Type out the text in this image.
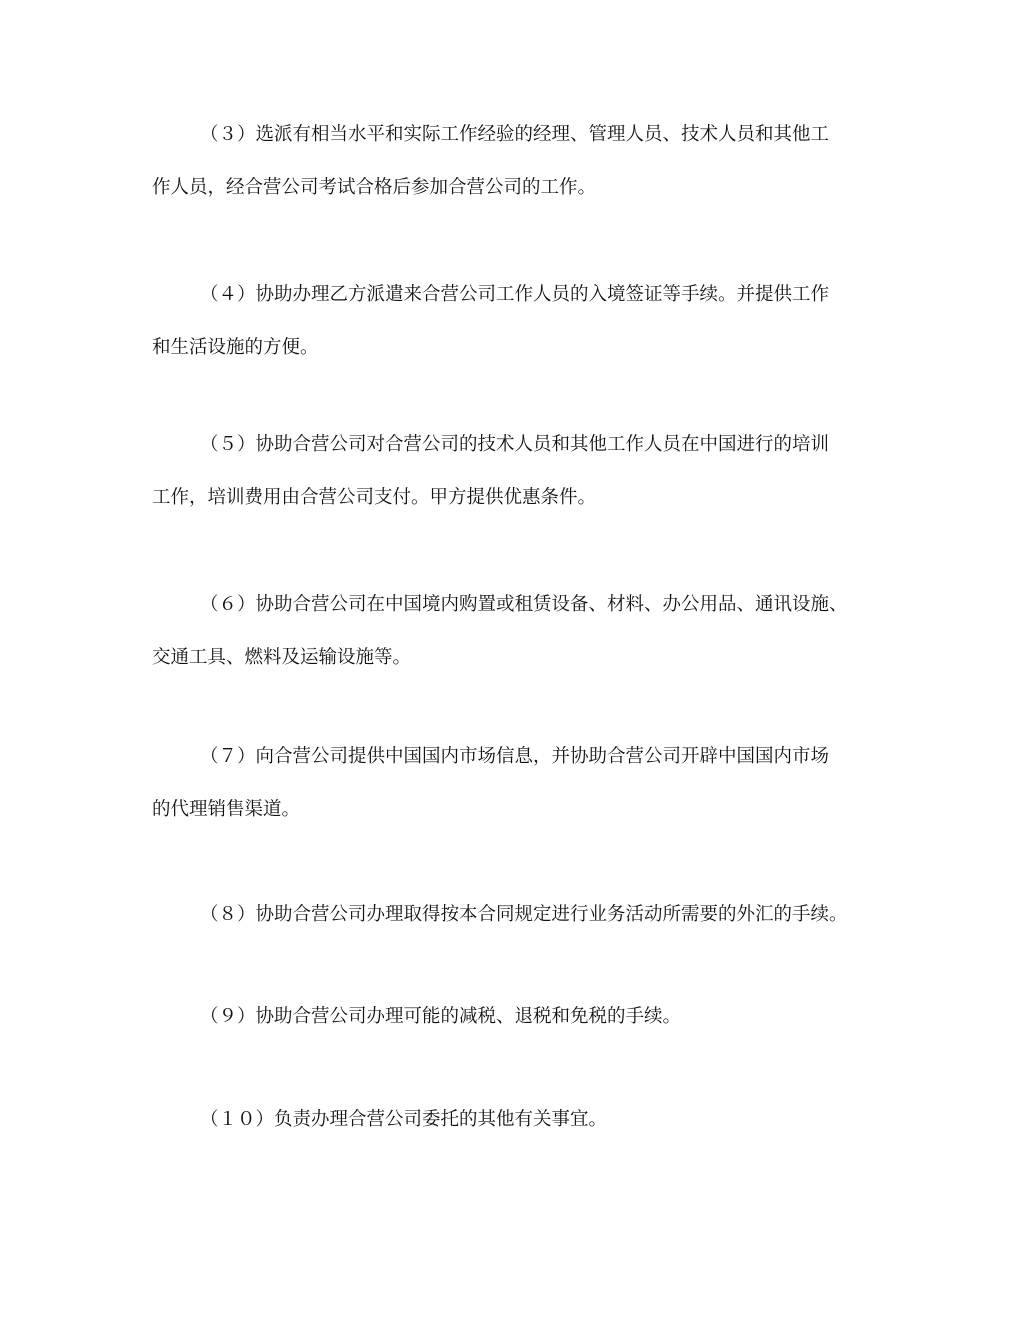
（３）选派有相当水平和实际工作经验的经理、管理人员、技术人员和其他工
作人员，经合营公司考试合格后参加合营公司的工作。
（４）协助办理乙方派遣来合营公司工作人员的入境签证等手续。并提供工作
和生活设施的方便。
（５）协助合营公司对合营公司的技术人员和其他工作人员在中国进行的培训
工作，培训费用由合营公司支付。甲方提供优惠条件。
（６）协助合营公司在中国境内购置或租赁设备、材料、办公用品、通讯设施、
交通工具、燃料及运输设施等。
（７）向合营公司提供中国国内市场信息，并协助合营公司开辟中国国内市场
的代理销售渠道。
（８）协助合营公司办理取得按本合同规定进行业务活动所需要的外汇的手续。
（９）协助合营公司办理可能的减税、退税和免税的手续。
（１０）负责办理合营公司委托的其他有关事宜。
